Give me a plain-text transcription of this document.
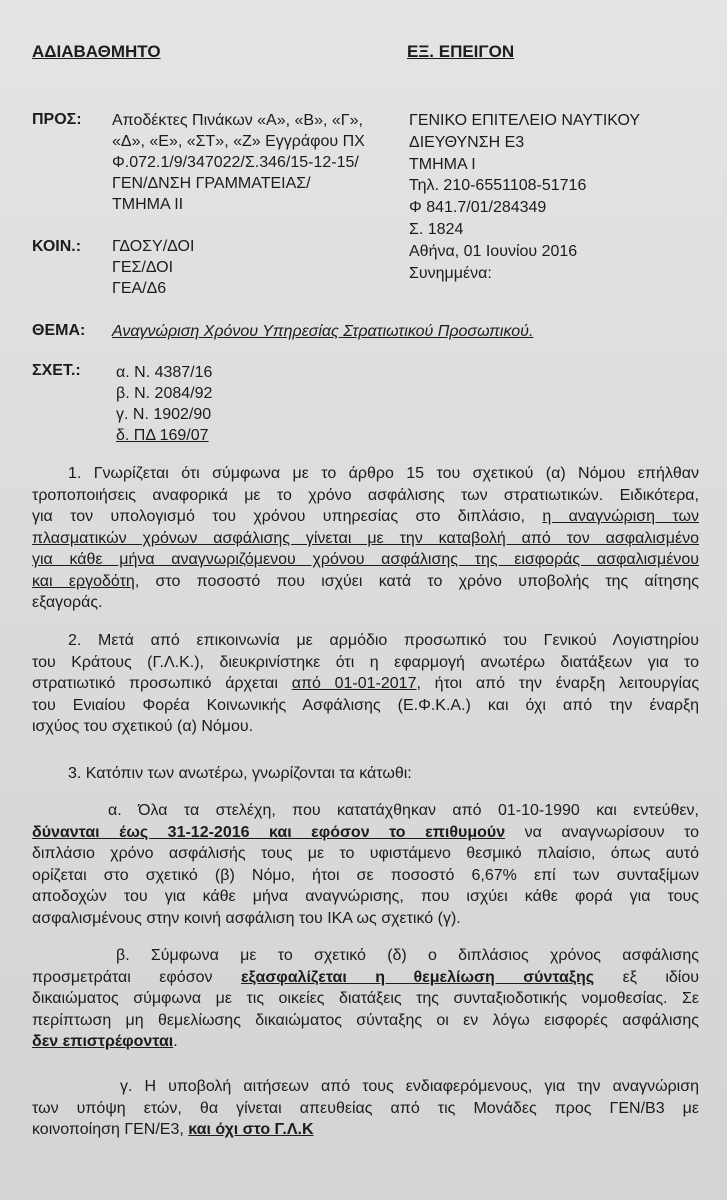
ΑΔΙΑΒΑΘΜΗΤΟ	ΕΞ. ΕΠΕΙΓΟΝ
ΠΡΟΣ: Αποδέκτες Πινάκων «Α», «Β», «Γ»,
«Δ», «Ε», «ΣΤ», «Ζ» Εγγράφου ΠΧ
Φ.072.1/9/347022/Σ.346/15-12-15/
ΓΕΝ/ΔΝΣΗ ΓΡΑΜΜΑΤΕΙΑΣ/
ΤΜΗΜΑ ΙΙ
ΓΕΝΙΚΟ ΕΠΙΤΕΛΕΙΟ ΝΑΥΤΙΚΟΥ
ΔΙΕΥΘΥΝΣΗ Ε3
ΤΜΗΜΑ Ι
Τηλ. 210-6551108-51716
Φ 841.7/01/284349
Σ. 1824
Αθήνα, 01 Ιουνίου 2016
Συνημμένα:
ΚΟΙΝ.: ΓΔΟΣΥ/ΔΟΙ
ΓΕΣ/ΔΟΙ
ΓΕΑ/Δ6
ΘΕΜΑ: Αναγνώριση Χρόνου Υπηρεσίας Στρατιωτικού Προσωπικού.
ΣΧΕΤ.: α. Ν. 4387/16
β. Ν. 2084/92
γ. Ν. 1902/90
δ. ΠΔ 169/07
1. Γνωρίζεται ότι σύμφωνα με το άρθρο 15 του σχετικού (α) Νόμου επήλθαν
τροποποιήσεις αναφορικά με το χρόνο ασφάλισης των στρατιωτικών. Ειδικότερα,
για τον υπολογισμό του χρόνου υπηρεσίας στο διπλάσιο, η αναγνώριση των
πλασματικών χρόνων ασφάλισης γίνεται με την καταβολή από τον ασφαλισμένο
για κάθε μήνα αναγνωριζόμενου χρόνου ασφάλισης της εισφοράς ασφαλισμένου
και εργοδότη, στο ποσοστό που ισχύει κατά το χρόνο υποβολής της αίτησης
εξαγοράς.
2. Μετά από επικοινωνία με αρμόδιο προσωπικό του Γενικού Λογιστηρίου
του Κράτους (Γ.Λ.Κ.), διευκρινίστηκε ότι η εφαρμογή ανωτέρω διατάξεων για το
στρατιωτικό προσωπικό άρχεται από 01-01-2017, ήτοι από την έναρξη λειτουργίας
του Ενιαίου Φορέα Κοινωνικής Ασφάλισης (Ε.Φ.Κ.Α.) και όχι από την έναρξη
ισχύος του σχετικού (α) Νόμου.
3. Κατόπιν των ανωτέρω, γνωρίζονται τα κάτωθι:
α. Όλα τα στελέχη, που κατατάχθηκαν από 01-10-1990 και εντεύθεν,
δύνανται έως 31-12-2016 και εφόσον το επιθυμούν να αναγνωρίσουν το
διπλάσιο χρόνο ασφάλισής τους με το υφιστάμενο θεσμικό πλαίσιο, όπως αυτό
ορίζεται στο σχετικό (β) Νόμο, ήτοι σε ποσοστό 6,67% επί των συνταξίμων
αποδοχών του για κάθε μήνα αναγνώρισης, που ισχύει κάθε φορά για τους
ασφαλισμένους στην κοινή ασφάλιση του ΙΚΑ ως σχετικό (γ).
β. Σύμφωνα με το σχετικό (δ) ο διπλάσιος χρόνος ασφάλισης
προσμετράται εφόσον εξασφαλίζεται η θεμελίωση σύνταξης εξ ιδίου
δικαιώματος σύμφωνα με τις οικείες διατάξεις της συνταξιοδοτικής νομοθεσίας. Σε
περίπτωση μη θεμελίωσης δικαιώματος σύνταξης οι εν λόγω εισφορές ασφάλισης
δεν επιστρέφονται.
γ. Η υποβολή αιτήσεων από τους ενδιαφερόμενους, για την αναγνώριση
των υπόψη ετών, θα γίνεται απευθείας από τις Μονάδες προς ΓΕΝ/Β3 με
κοινοποίηση ΓΕΝ/Ε3, και όχι στο Γ.Λ.Κ
